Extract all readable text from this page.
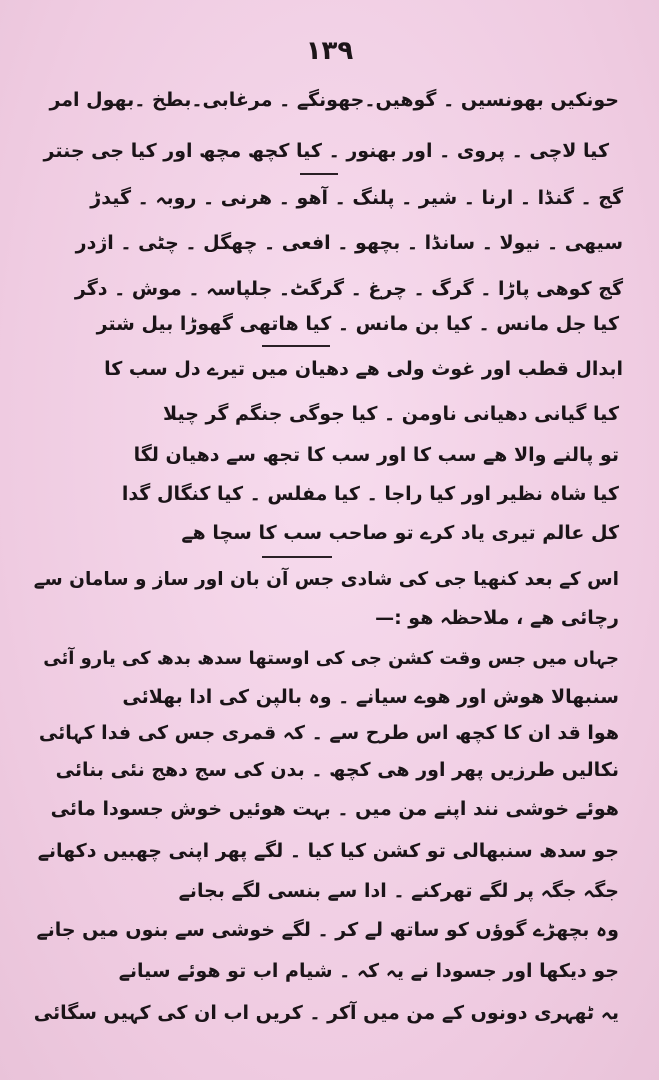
۱۳۹
حونکیں بھونسیں ۔ گوھیں۔جھونگے ۔ مرغابی۔بطخ ۔بھول امر
کیا لاچی ۔ پروی ۔ اور بھنور ۔ کیا کچھ مچھ اور کیا جی جنتر
گج ۔ گنڈا ۔ ارنا ۔ شیر ۔ پلنگ ۔ آھو ۔ ھرنی ۔ روبہ ۔ گیدڑ
سیھی ۔ نیولا ۔ سانڈا ۔ بچھو ۔ افعی ۔ چھگل ۔ چٹی ۔ اژدر
گج کوھی پاڑا ۔ گرگ ۔ چرغ ۔ گرگٹ۔ جلپاسہ ۔ موش ۔ دگر
کیا جل مانس ۔ کیا بن مانس ۔ کیا ھاتھی گھوڑا بیل شتر
ابدال قطب اور غوث ولی ھے دھیان میں تیرے دل سب کا
کیا گیانی دھیانی ناومن ۔ کیا جوگی جنگم گر چیلا
تو پالنے والا ھے سب کا اور سب کا تجھ سے دھیان لگا
کیا شاہ نظیر اور کیا راجا ۔ کیا مفلس ۔ کیا کنگال گدا
کل عالم تیری یاد کرے تو صاحب سب کا سچا ھے
اس کے بعد کنھیا جی کی شادی جس آن بان اور ساز و سامان سے
رچائی ھے ، ملاحظہ ھو :—
جہاں میں جس وقت کشن جی کی اوستھا سدھ بدھ کی یارو آئی
سنبھالا ھوش اور ھوے سیانے ۔ وہ بالپن کی ادا بھلائی
ھوا قد ان کا کچھ اس طرح سے ۔ کہ قمری جس کی فدا کہائی
نکالیں طرزیں پھر اور ھی کچھ ۔ بدن کی سج دھج نئی بنائی
ھوئے خوشی نند اپنے من میں ۔ بہت ھوئیں خوش جسودا مائی
جو سدھ سنبھالی تو کشن کیا کیا ۔ لگے پھر اپنی چھبیں دکھانے
جگہ جگہ پر لگے تھرکنے ۔ ادا سے بنسی لگے بجانے
وہ بچھڑے گوؤں کو ساتھ لے کر ۔ لگے خوشی سے بنوں میں جانے
جو دیکھا اور جسودا نے یہ کہ ۔ شیام اب تو ھوئے سیانے
یہ ٹھہری دونوں کے من میں آکر ۔ کریں اب ان کی کہیں سگائی
